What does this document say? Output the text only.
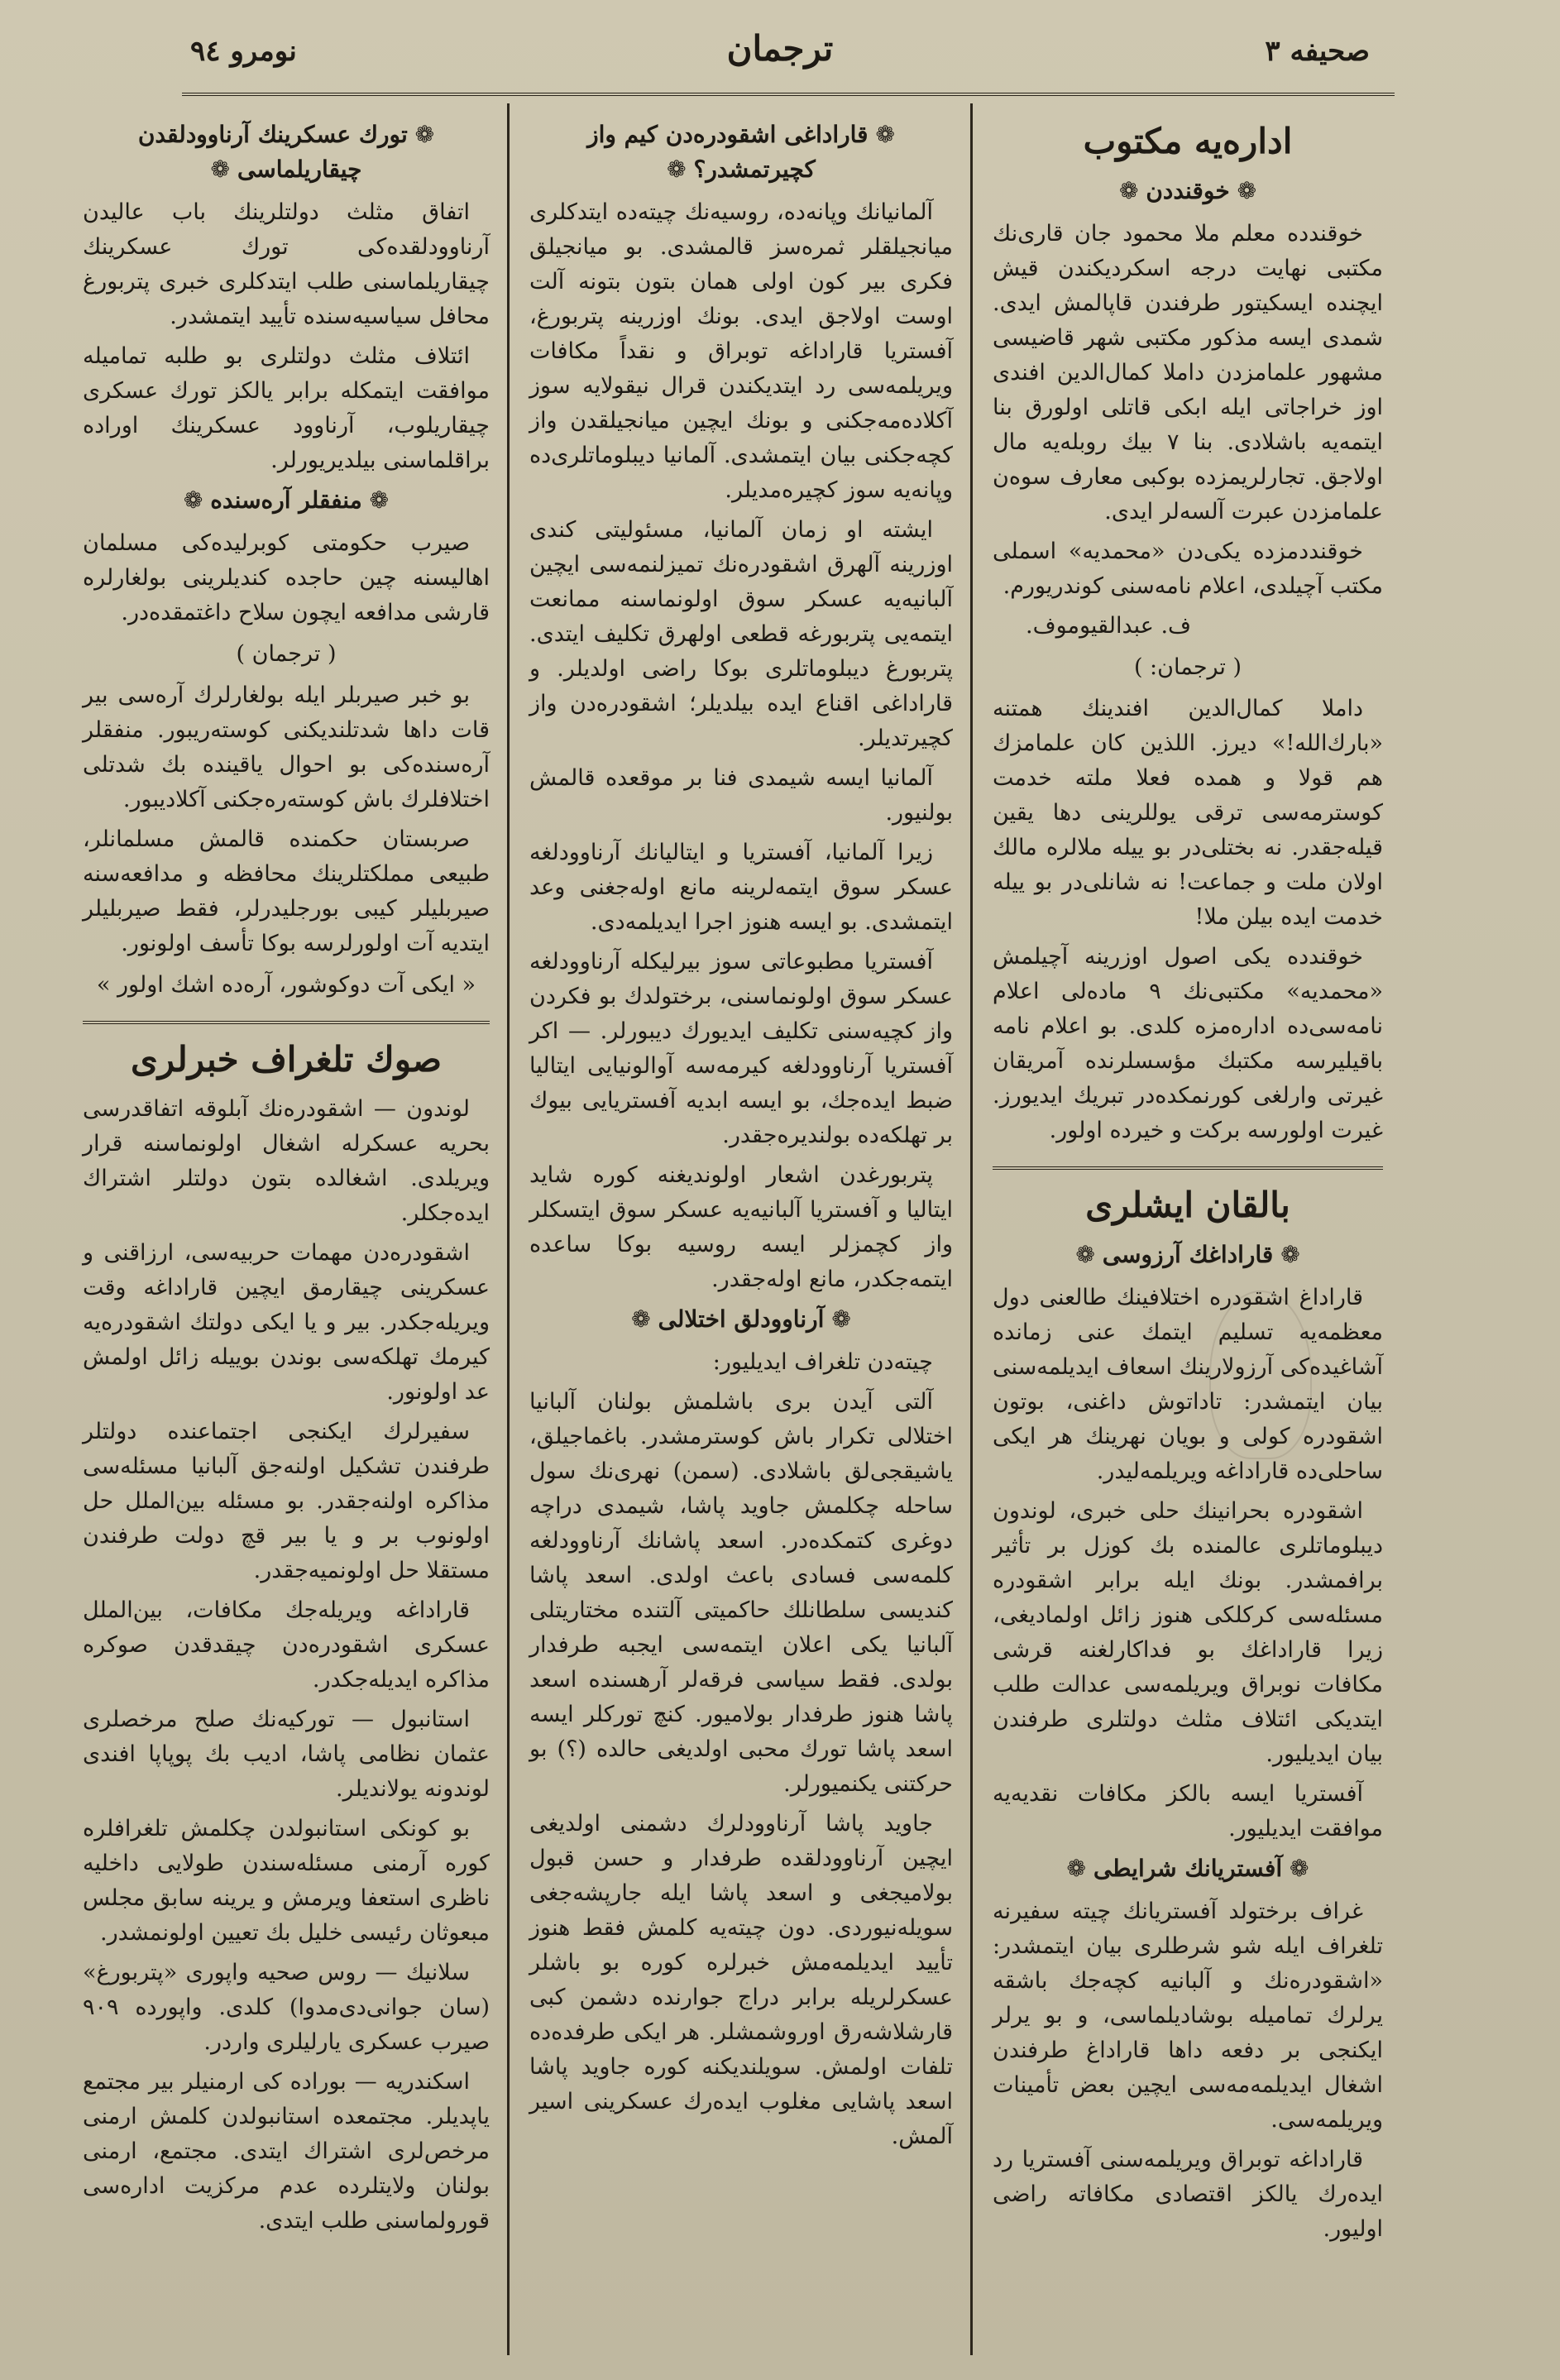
صحيفه ٣
ترجمان
نومرو ٩٤
اداره‌یه مکتوب
❁ خوقنددن ❁

خوقندده معلم ملا محمود جان قاری‌نك مکتبی نهایت درجه اسکردیکندن قیش ایچنده ایسکیتور طرفندن قاپالمش ایدی. شمدی ایسه مذکور مکتبی شهر قاضیسی مشهور علمامزدن داملا کمال‌الدین افندی اوز خراجاتی ایله ابکی قاتلی اولورق بنا ایتمه‌یه باشلادی. بنا ٧ بیك روبله‌یه مال اولاجق. تجارلریمزده بوکبی معارف سوه‌ن علمامزدن عبرت آلسه‌لر ایدی.

خوقنددمزده یکی‌دن «محمدیه» اسملی مکتب آچیلدی، اعلام نامه‌سنی کوندریورم.

ف. عبدالقیوموف.
( ترجمان: )

داملا کمال‌الدین افندینك همتنه «بارك‌الله!» دیرز. اللذین کان علمامزك هم قولا و همده فعلا ملته خدمت کوسترمه‌سی ترقی یوللرینی دها یقین قیله‌جقدر. نه بختلی‌در بو ییله ملالره مالك اولان ملت و جماعت! نه شانلی‌در بو ییله خدمت ایده بیلن ملا!

خوقندده یکی اصول اوزرینه آچیلمش «محمدیه» مکتبی‌نك ٩ ماده‌لی اعلام نامه‌سی‌ده اداره‌مزه کلدی. بو اعلام نامه باقیلیرسه مکتبك مؤسسلرنده آمریقان غیرتی وارلغی کورنمکده‌در تبریك ایدیورز. غیرت اولورسه برکت و خیرده اولور.

بالقان ایشلری
❁ قاراداغك آرزوسی ❁

قاراداغ اشقودره اختلافینك طالعنی دول معظمه‌یه تسلیم ایتمك عنی زمانده آشاغیده‌کی آرزولارینك اسعاف ایدیلمه‌سنی بیان ایتمشدر: تاداتوش داغنی، بوتون اشقودره کولی و بویان نهرینك هر ایکی ساحلی‌ده قاراداغه ویریلمه‌لیدر.

اشقودره بحرانینك حلی خبری، لوندون دیبلوماتلری عالمنده بك کوزل بر تأثیر برافمشدر. بونك ایله برابر اشقودره مسئله‌سی کرکلکی هنوز زائل اولمادیغی، زیرا قاراداغك بو فداکارلغنه قرشی مکافات نوبراق ویریلمه‌سی عدالت طلب ایتدیکی ائتلاف مثلث دولتلری طرفندن بیان ایدیلیور.

آفستریا ایسه بالکز مکافات نقدیه‌یه موافقت ایدیلیور.

❁ آفستریانك شرایطی ❁

غراف برختولد آفستریانك چیته سفیرنه تلغراف ایله شو شرطلری بیان ایتمشدر: «اشقودره‌نك و آلبانیه کچه‌جك باشقه یرلرك تمامیله بوشادیلماسی، و بو یرلر ایکنجی بر دفعه داها قاراداغ طرفندن اشغال ایدیلمه‌مه‌سی ایچین بعض تأمینات ویریلمه‌سی.

قاراداغه توبراق ویریلمه‌سنی آفستریا رد ایده‌رك یالکز اقتصادی مکافاته راضی اولیور.

❁ قاراداغی اشقودره‌دن کیم واز کچیرتمشدر؟ ❁

آلمانیانك وپانه‌ده، روسیه‌نك چیته‌ده ایتدکلری میانجیلقلر ثمره‌سز قالمشدی. بو میانجیلق فکری بیر کون اولی همان بتون بتونه آلت اوست اولاجق ایدی. بونك اوزرینه پتربورغ، آفستریا قاراداغه توبراق و نقداً مکافات ویریلمه‌سی رد ایتدیکندن قرال نیقولایه سوز آکلاده‌مه‌جکنی و بونك ایچین میانجیلقدن واز کچه‌جکنی بیان ایتمشدی. آلمانیا دیبلوماتلری‌ده وپانه‌یه سوز کچیره‌مدیلر.

ایشته او زمان آلمانیا، مسئولیتی کندی اوزرینه آلهرق اشقودره‌نك تمیزلنمه‌سی ایچین آلبانیه‌یه عسکر سوق اولونماسنه ممانعت ایتمه‌یی پتربورغه قطعی اولهرق تکلیف ایتدی. پتربورغ دیبلوماتلری بوکا راضی اولدیلر. و قاراداغی اقناع ایده بیلدیلر؛ اشقودره‌دن واز کچیرتدیلر.

آلمانیا ایسه شیمدی فنا بر موقعده قالمش بولنیور.

زیرا آلمانیا، آفستریا و ایتالیانك آرناوودلغه عسکر سوق ایتمه‌لرینه مانع اوله‌جغنی وعد ایتمشدی. بو ایسه هنوز اجرا ایدیلمه‌دی.

آفستریا مطبوعاتی سوز بیرلیکله آرناوودلغه عسکر سوق اولونماسنی، برختولدك بو فکردن واز کچیه‌سنی تکلیف ایدیورك دیبورلر. — اکر آفستریا آرناوودلغه کیرمه‌سه آوالونیایی ایتالیا ضبط ایده‌جك، بو ایسه ابدیه آفستریایی بیوك بر تهلکه‌ده بولندیره‌جقدر.

پتربورغدن اشعار اولوندیغنه کوره شاید ایتالیا و آفستریا آلبانیه‌یه عسکر سوق ایتسکلر واز کچمزلر ایسه روسیه بوکا ساعده ایتمه‌جکدر، مانع اوله‌جقدر.

❁ آرناوودلق اختلالی ❁

چیته‌دن تلغراف ایدیلیور:

آلتی آیدن بری باشلمش بولنان آلبانیا اختلالی تکرار باش کوسترمشدر. باغماجیلق، یاشیقجی‌لق باشلادی. (سمن) نهری‌نك سول ساحله چکلمش جاوید پاشا، شیمدی دراچه دوغری کتمکده‌در. اسعد پاشانك آرناوودلغه کلمه‌سی فسادی باعث اولدی. اسعد پاشا کندیسی سلطانلك حاکمیتی آلتنده مختاریتلی آلبانیا یکی اعلان ایتمه‌سی ایجبه طرفدار بولدی. فقط سیاسی فرقه‌لر آرهسنده اسعد پاشا هنوز طرفدار بولامیور. کنچ تورکلر ایسه اسعد پاشا تورك محبی اولدیغی حالده (؟) بو حرکتنی یکنمیورلر.

جاوید پاشا آرناوودلرك دشمنی اولدیغی ایچین آرناوودلقده طرفدار و حسن قبول بولامیجغی و اسعد پاشا ایله جارپشه‌جغی سویله‌نیوردی. دون چیته‌یه کلمش فقط هنوز تأیید ایدیلمه‌مش خبرلره کوره بو باشلر عسکرلریله برابر دراج جوارنده دشمن کبی قارشلاشه‌رق اوروشمشلر. هر ایکی طرفده‌ده تلفات اولمش. سویلندیکنه کوره جاوید پاشا اسعد پاشایی مغلوب ایده‌رك عسکرینی اسیر آلمش.

❁ تورك عسکرینك آرناوودلقدن چیقاریلماسی ❁

اتفاق مثلث دولتلرینك باب عالیدن آرناوودلقده‌کی تورك عسکرینك چیقاریلماسنی طلب ایتدکلری خبری پتربورغ محافل سیاسیه‌سنده تأیید ایتمشدر.

ائتلاف مثلث دولتلری بو طلبه تمامیله موافقت ایتمکله برابر یالکز تورك عسکری چیقاریلوب، آرناوود عسکرینك اوراده براقلماسنی بیلدیریورلر.

❁ منفقلر آره‌سنده ❁

صیرب حکومتی کوبرلیده‌کی مسلمان اهالیسنه چین حاجده کندیلرینی بولغارلره قارشی مدافعه ایچون سلاح داغتمقده‌در.

( ترجمان )

بو خبر صیربلر ایله بولغارلرك آره‌سی بیر قات داها شدتلندیکنی کوسته‌ریبور. منفقلر آره‌سنده‌کی بو احوال یاقینده بك شدتلی اختلافلرك باش کوسته‌ره‌جکنی آکلادیبور.

صربستان حکمنده قالمش مسلمانلر، طبیعی مملکتلرینك محافظه و مدافعه‌سنه صیربلیلر کیبی بورجلیدرلر، فقط صیربلیلر ایتدیه آت اولورلرسه بوکا تأسف اولونور.

« ایکی آت دوکوشور، آره‌ده اشك اولور »
صوك تلغراف خبرلری

لوندون — اشقودره‌نك آبلوقه اتفاقدرسی بحریه عسکرله اشغال اولونماسنه قرار ویریلدی. اشغالده بتون دولتلر اشتراك ایده‌جکلر.

اشقودره‌دن مهمات حربیه‌سی، ارزاقنی و عسکرینی چیقارمق ایچین قاراداغه وقت ویریله‌جکدر. بیر و یا ایکی دولتك اشقودره‌یه کیرمك تهلکه‌سی بوندن بوییله زائل اولمش عد اولونور.

سفیرلرك ایکنجی اجتماعنده دولتلر طرفندن تشکیل اولنه‌جق آلبانیا مسئله‌سی مذاکره اولنه‌جقدر. بو مسئله بین‌الملل حل اولونوب بر و یا بیر قچ دولت طرفندن مستقلا حل اولونمیه‌جقدر.

قاراداغه ویریله‌جك مکافات، بین‌الملل عسکری اشقودره‌دن چیقدقدن صوکره مذاکره ایدیله‌جکدر.

استانبول — تورکیه‌نك صلح مرخصلری عثمان نظامی پاشا، ادیب بك پوپاپا افندی لوندونه یولاندیلر.

بو کونکی استانبولدن چکلمش تلغرافلره کوره آرمنی مسئله‌سندن طولایی داخلیه ناظری استعفا ویرمش و یرینه سابق مجلس مبعوثان رئیسی خلیل بك تعیین اولونمشدر.

سلانیك — روس صحیه واپوری «پتربورغ» (سان جوانی‌دی‌مدوا) کلدی. واپورده ٩٠٩ صیرب عسکری یارلیلری واردر.

اسکندریه — بوراده کی ارمنیلر بیر مجتمع یاپدیلر. مجتمعده استانبولدن کلمش ارمنی مرخص‌لری اشتراك ایتدی. مجتمع، ارمنی بولنان ولایتلرده عدم مرکزیت اداره‌سی قورولماسنی طلب ایتدی.
